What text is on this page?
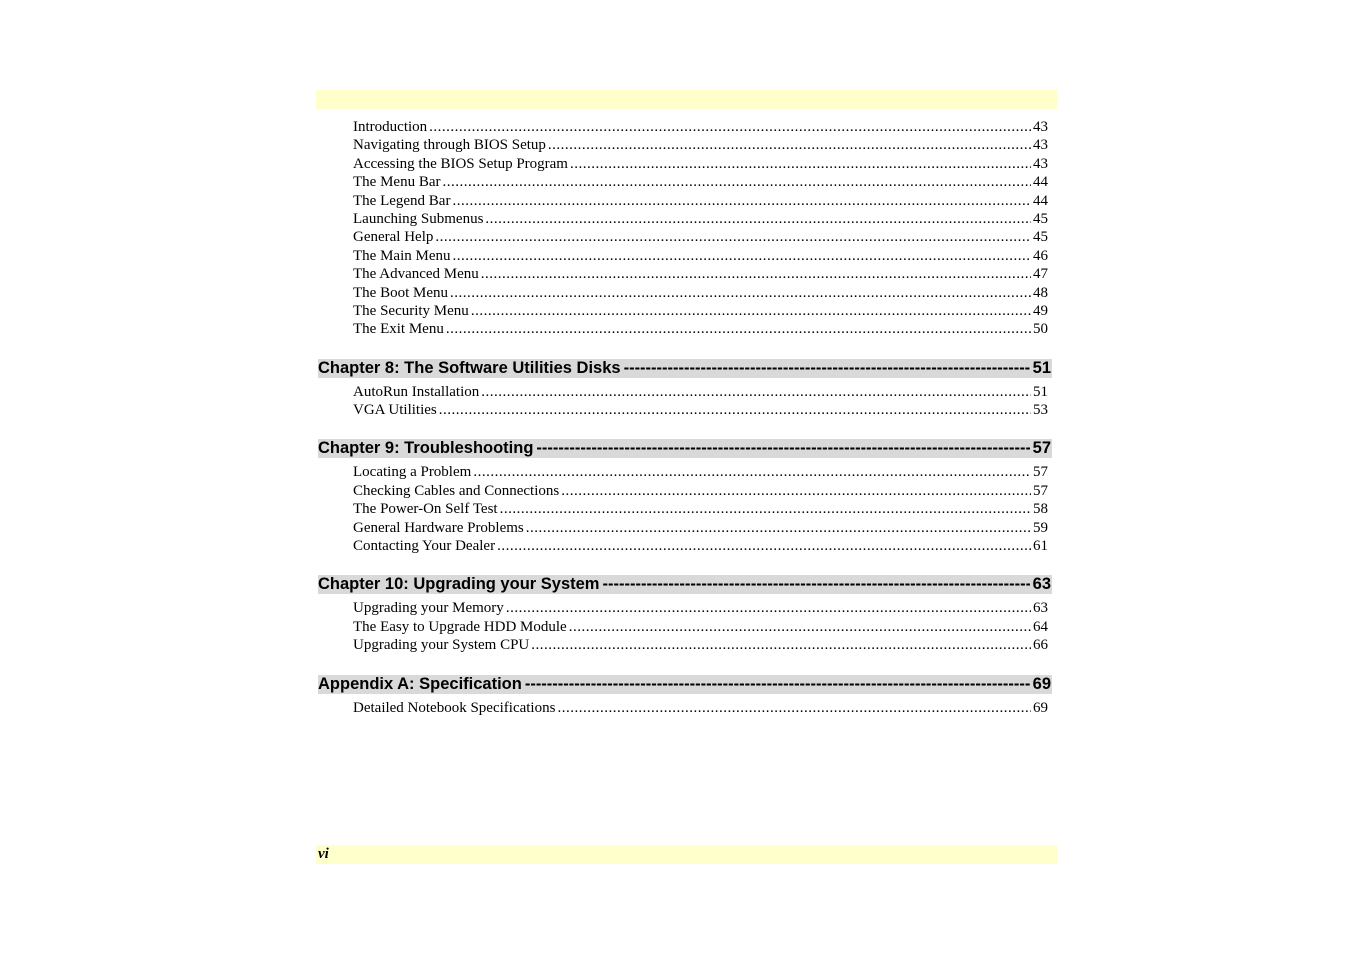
Introduction .....	43
Navigating through BIOS Setup .....	43
Accessing the BIOS Setup Program .....	43
The Menu Bar .....	44
The Legend Bar .....	44
Launching Submenus .....	45
General Help .....	45
The Main Menu .....	46
The Advanced Menu .....	47
The Boot Menu .....	48
The Security Menu .....	49
The Exit Menu .....	50
Chapter 8: The Software Utilities Disks -----	51
AutoRun Installation .....	51
VGA Utilities .....	53
Chapter 9: Troubleshooting -----	57
Locating a Problem .....	57
Checking Cables and Connections .....	57
The Power-On Self Test .....	58
General Hardware Problems .....	59
Contacting Your Dealer .....	61
Chapter 10: Upgrading your System -----	63
Upgrading your Memory .....	63
The Easy to Upgrade HDD Module .....	64
Upgrading your System CPU .....	66
Appendix A: Specification -----	69
Detailed Notebook Specifications .....	69
vi
